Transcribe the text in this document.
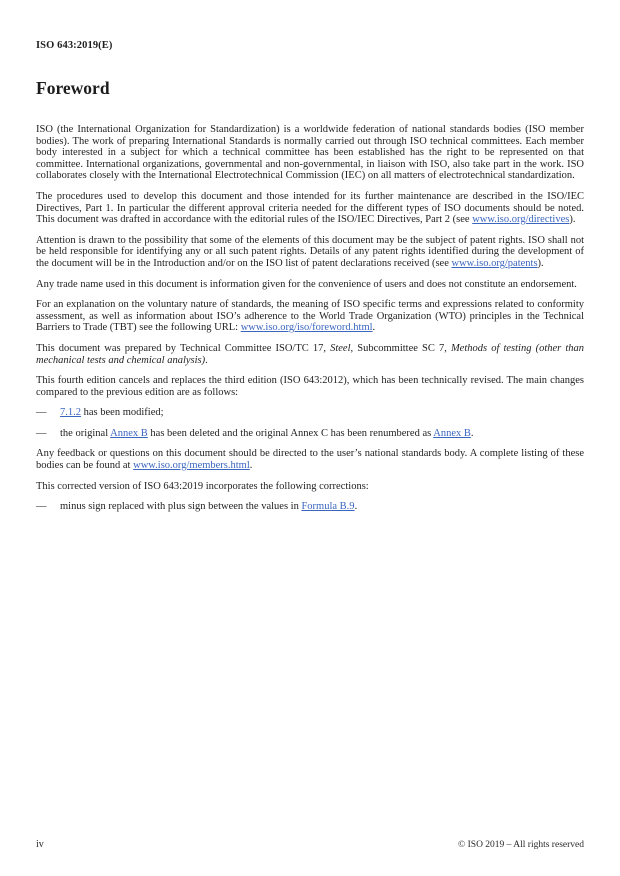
ISO 643:2019(E)
Foreword

ISO (the International Organization for Standardization) is a worldwide federation of national standards bodies (ISO member bodies). The work of preparing International Standards is normally carried out through ISO technical committees. Each member body interested in a subject for which a technical committee has been established has the right to be represented on that committee. International organizations, governmental and non-governmental, in liaison with ISO, also take part in the work. ISO collaborates closely with the International Electrotechnical Commission (IEC) on all matters of electrotechnical standardization.

The procedures used to develop this document and those intended for its further maintenance are described in the ISO/IEC Directives, Part 1. In particular the different approval criteria needed for the different types of ISO documents should be noted. This document was drafted in accordance with the editorial rules of the ISO/IEC Directives, Part 2 (see www.iso.org/directives).

Attention is drawn to the possibility that some of the elements of this document may be the subject of patent rights. ISO shall not be held responsible for identifying any or all such patent rights. Details of any patent rights identified during the development of the document will be in the Introduction and/or on the ISO list of patent declarations received (see www.iso.org/patents).

Any trade name used in this document is information given for the convenience of users and does not constitute an endorsement.

For an explanation on the voluntary nature of standards, the meaning of ISO specific terms and expressions related to conformity assessment, as well as information about ISO’s adherence to the World Trade Organization (WTO) principles in the Technical Barriers to Trade (TBT) see the following URL: www.iso.org/iso/foreword.html.

This document was prepared by Technical Committee ISO/TC 17, Steel, Subcommittee SC 7, Methods of testing (other than mechanical tests and chemical analysis).

This fourth edition cancels and replaces the third edition (ISO 643:2012), which has been technically revised. The main changes compared to the previous edition are as follows:

— 7.1.2 has been modified;
— the original Annex B has been deleted and the original Annex C has been renumbered as Annex B.

Any feedback or questions on this document should be directed to the user’s national standards body. A complete listing of these bodies can be found at www.iso.org/members.html.

This corrected version of ISO 643:2019 incorporates the following corrections:

— minus sign replaced with plus sign between the values in Formula B.9.
iv	© ISO 2019 – All rights reserved
